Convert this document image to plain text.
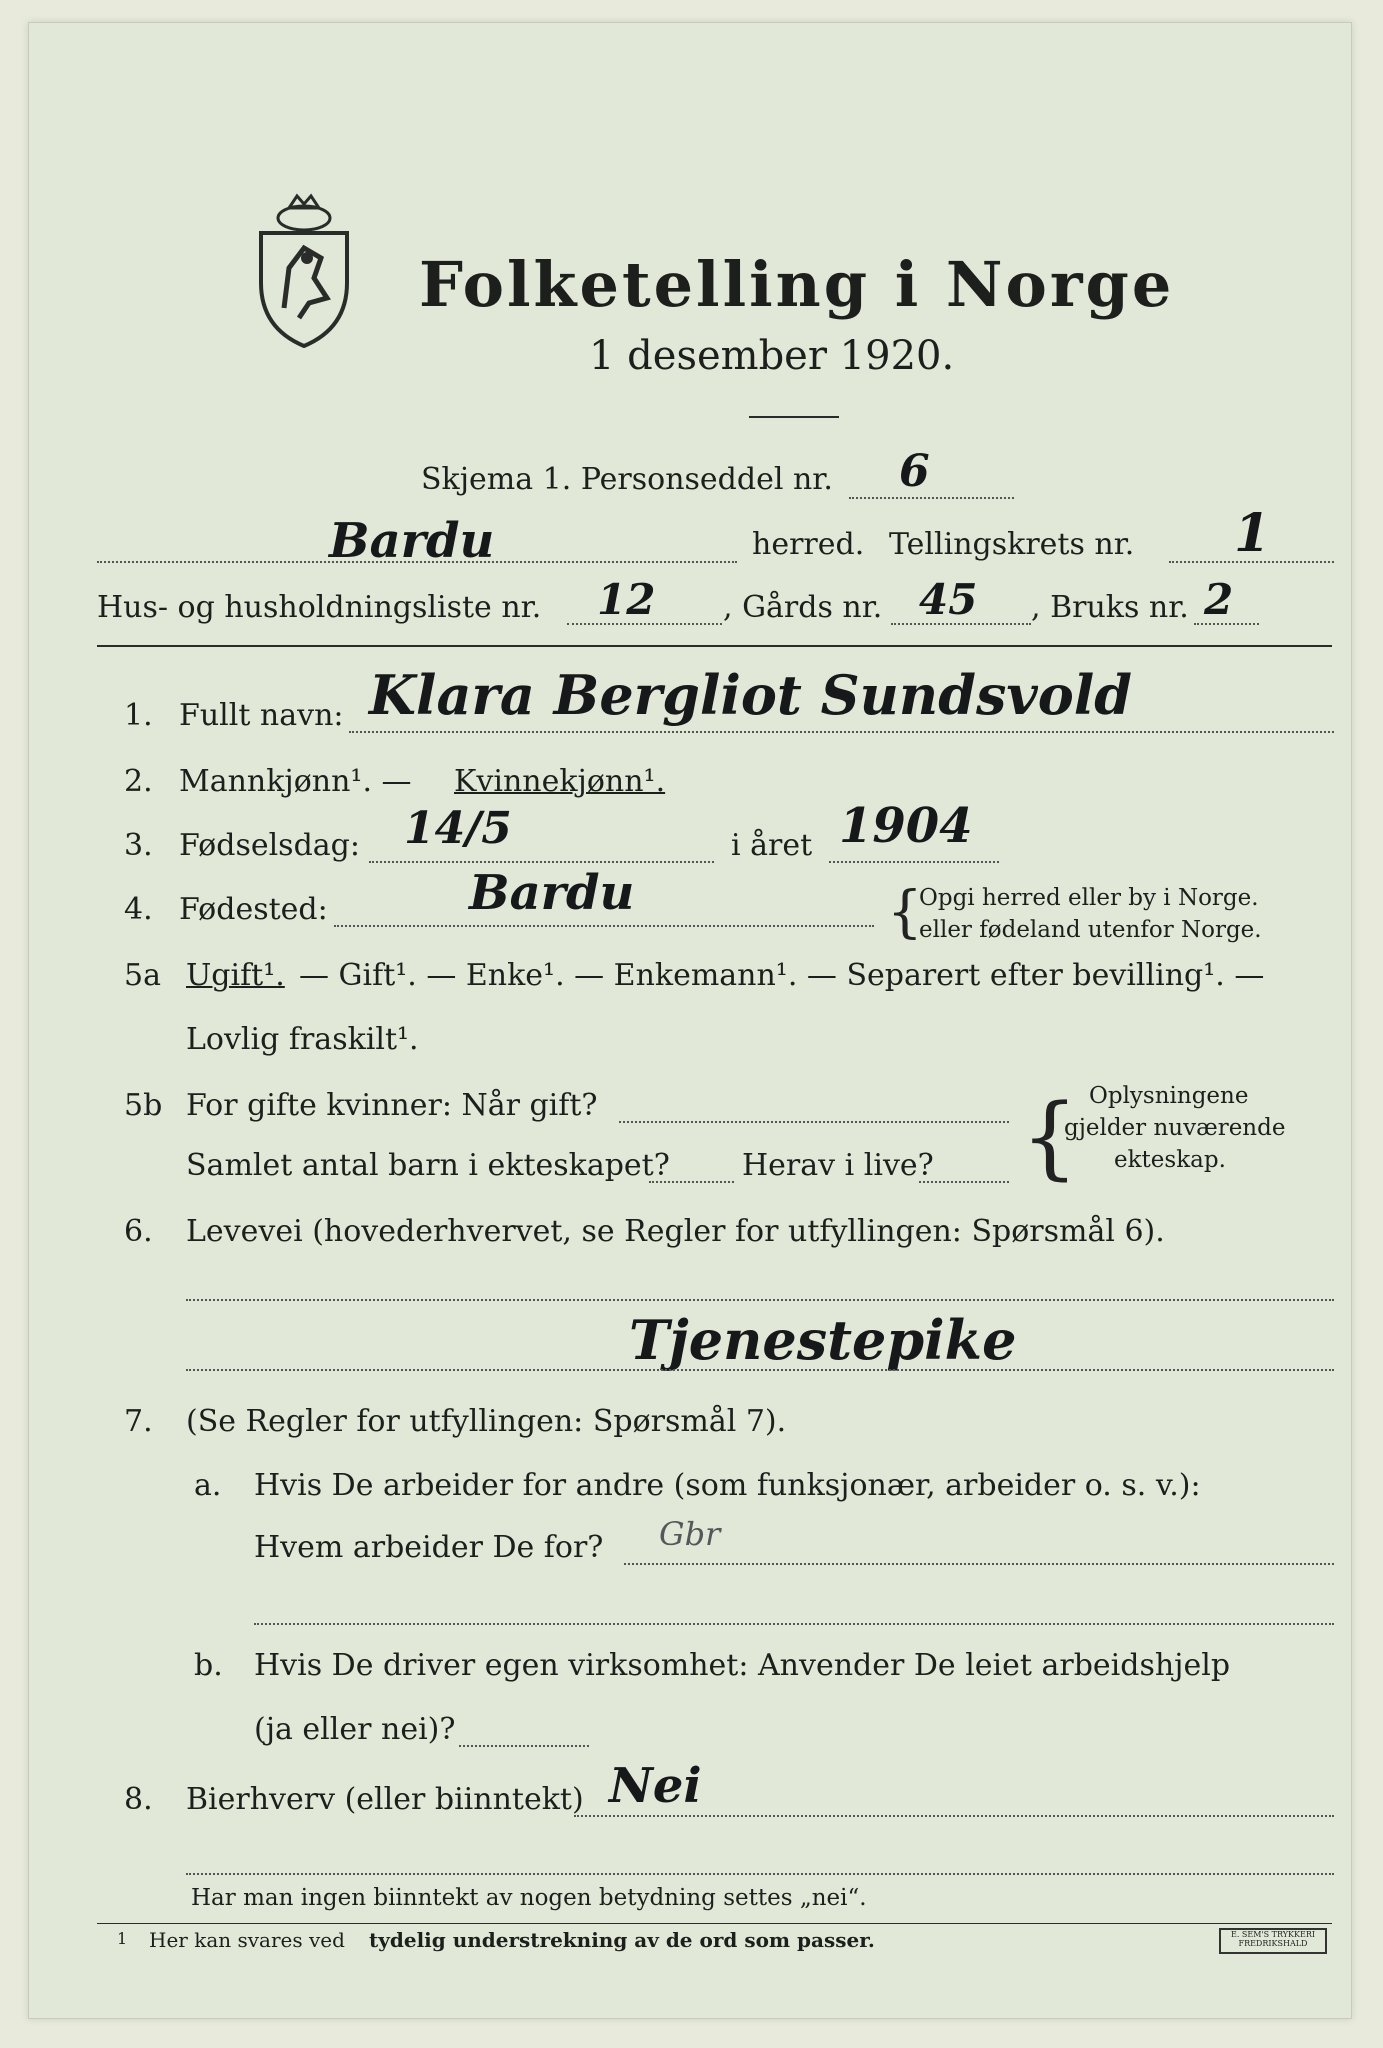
Folketelling i Norge
1 desember 1920.
Skjema 1. Personseddel nr. 6
Bardu	herred. Tellingskrets nr. 1
Hus- og husholdningsliste nr. 12 , Gårds nr. 45 , Bruks nr. 2
1. Fullt navn: Klara Bergliot Sundsvold
2. Mannkjønn¹. — Kvinnekjønn¹.
3. Fødselsdag: 14/5	i året 1904
4. Fødested:	Bardu	{
Opgi herred eller by i Norge.
eller fødeland utenfor Norge.
5a Ugift¹. — Gift¹. — Enke¹. — Enkemann¹. — Separert efter bevilling¹. —
Lovlig fraskilt¹.
5b For gifte kvinner: Når gift?
Samlet antal barn i ekteskapet? Herav i live? { Oplysningene
gjelder nuværende
ekteskap.
6. Levevei (hovederhvervet, se Regler for utfyllingen: Spørsmål 6).
Tjenestepike
7. (Se Regler for utfyllingen: Spørsmål 7).
a. Hvis De arbeider for andre (som funksjonær, arbeider o. s. v.):
Hvem arbeider De for? Gbr
b. Hvis De driver egen virksomhet: Anvender De leiet arbeidshjelp
(ja eller nei)?
8. Bierhverv (eller biinntekt) Nei
Har man ingen biinntekt av nogen betydning settes „nei“.
1 Her kan svares ved tydelig understrekning av de ord som passer.	E. SEM'S TRYKKERI FREDRIKSHALD
